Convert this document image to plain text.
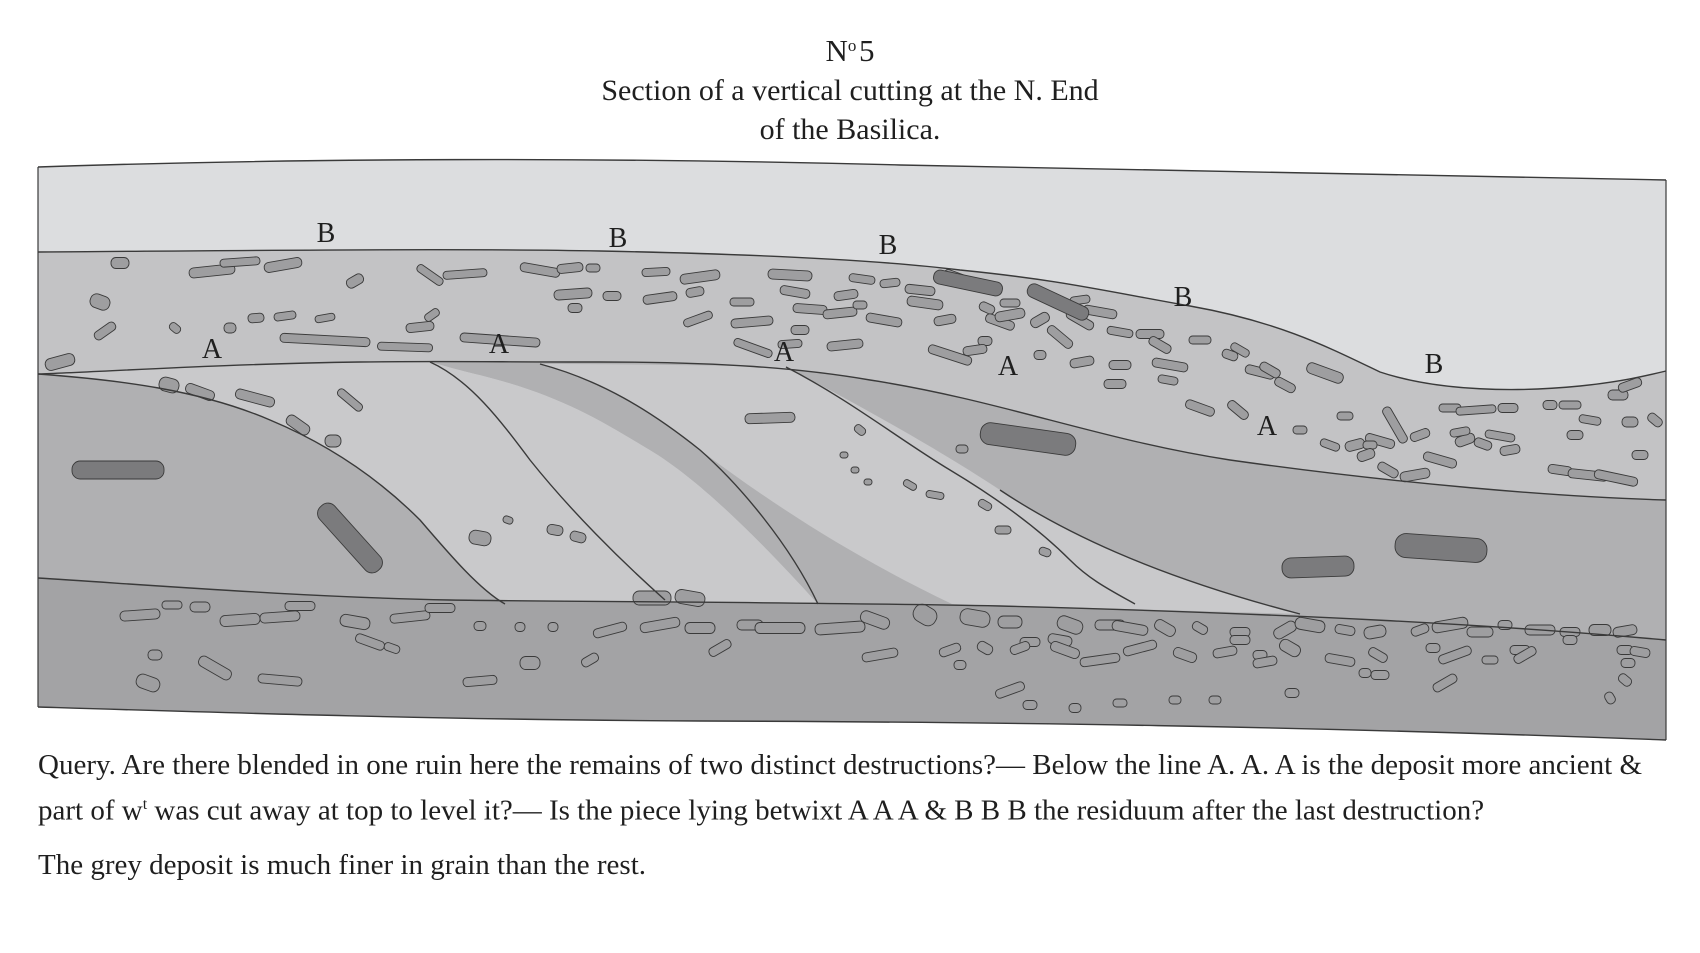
$N^o$ 5
Section of a vertical cutting at the N. End
of the Basilica.
B	B	B
B
B
A	A	A	A
A

Query. Are there blended in one ruin here the remains of two distinct destructions?— Below the line A. A. A is the deposit more ancient & part of $w^t$ was cut away at top to level it?— Is the piece lying betwixt A A A & B B B the residuum after the last destruction?

The grey deposit is much finer in grain than the rest.
